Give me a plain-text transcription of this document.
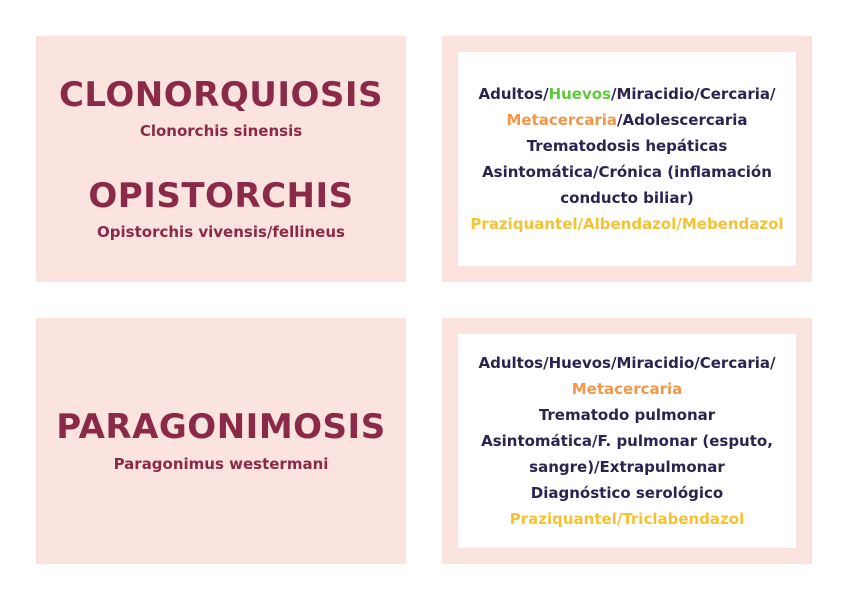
CLONORQUIOSIS
Clonorchis sinensis
OPISTORCHIS
Opistorchis vivensis/fellineus
Adultos/Huevos/Miracidio/Cercaria/
Metacercaria/Adolescercaria
Trematodosis hepáticas
Asintomática/Crónica (inflamación
conducto biliar)
Praziquantel/Albendazol/Mebendazol
PARAGONIMOSIS
Paragonimus westermani
Adultos/Huevos/Miracidio/Cercaria/
Metacercaria
Trematodo pulmonar
Asintomática/F. pulmonar (esputo,
sangre)/Extrapulmonar
Diagnóstico serológico
Praziquantel/Triclabendazol
